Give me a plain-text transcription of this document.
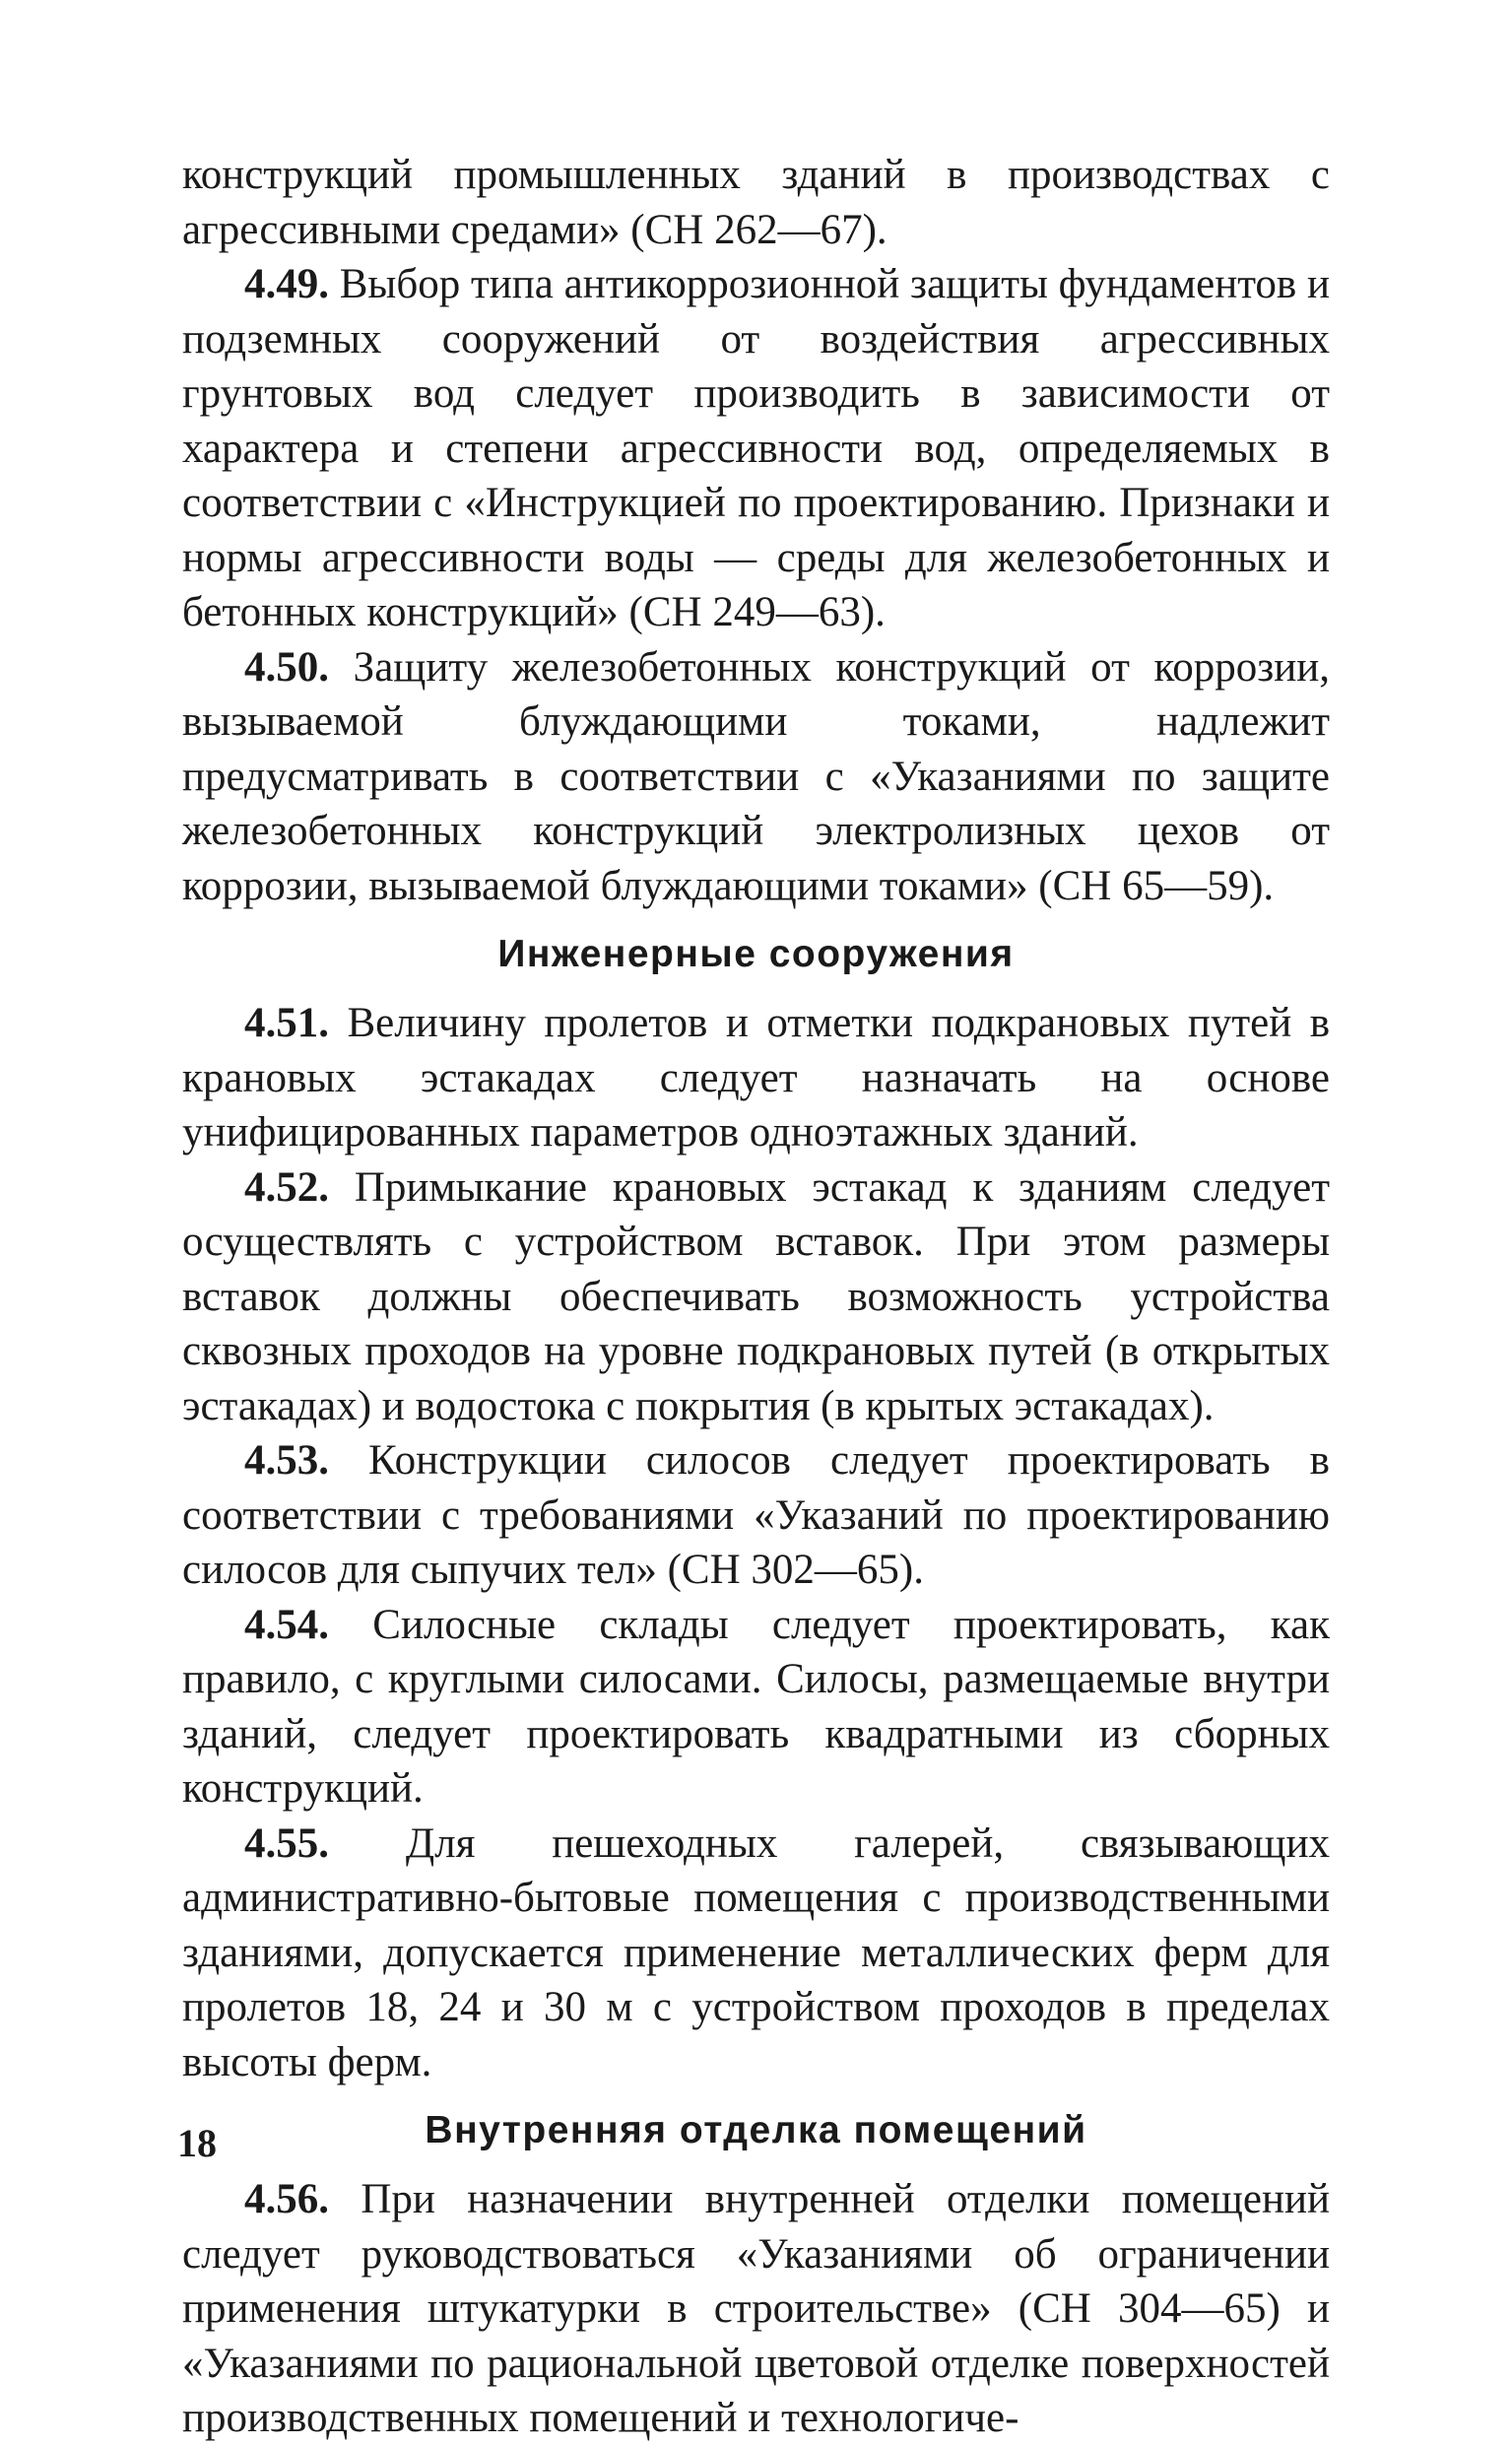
конструкций промышленных зданий в производствах с агрессивными средами» (СН 262—67).

4.49. Выбор типа антикоррозионной защиты фундаментов и подземных сооружений от воздействия агрессивных грунтовых вод следует производить в зависимости от характера и степени агрессивности вод, определяемых в соответствии с «Инструкцией по проектированию. Признаки и нормы агрессивности воды — среды для железобетонных и бетонных конструкций» (СН 249—63).

4.50. Защиту железобетонных конструкций от коррозии, вызываемой блуждающими токами, надлежит предусматривать в соответствии с «Указаниями по защите железобетонных конструкций электролизных цехов от коррозии, вызываемой блуждающими токами» (СН 65—59).

Инженерные сооружения

4.51. Величину пролетов и отметки подкрановых путей в крановых эстакадах следует назначать на основе унифицированных параметров одноэтажных зданий.

4.52. Примыкание крановых эстакад к зданиям следует осуществлять с устройством вставок. При этом размеры вставок должны обеспечивать возможность устройства сквозных проходов на уровне подкрановых путей (в открытых эстакадах) и водостока с покрытия (в крытых эстакадах).

4.53. Конструкции силосов следует проектировать в соответствии с требованиями «Указаний по проектированию силосов для сыпучих тел» (СН 302—65).

4.54. Силосные склады следует проектировать, как правило, с круглыми силосами. Силосы, размещаемые внутри зданий, следует проектировать квадратными из сборных конструкций.

4.55. Для пешеходных галерей, связывающих административно-бытовые помещения с производственными зданиями, допускается применение металлических ферм для пролетов 18, 24 и 30 м с устройством проходов в пределах высоты ферм.

Внутренняя отделка помещений

4.56. При назначении внутренней отделки помещений следует руководствоваться «Указаниями об ограничении применения штукатурки в строительстве» (СН 304—65) и «Указаниями по рациональной цветовой отделке поверхностей производственных помещений и технологиче-

18
